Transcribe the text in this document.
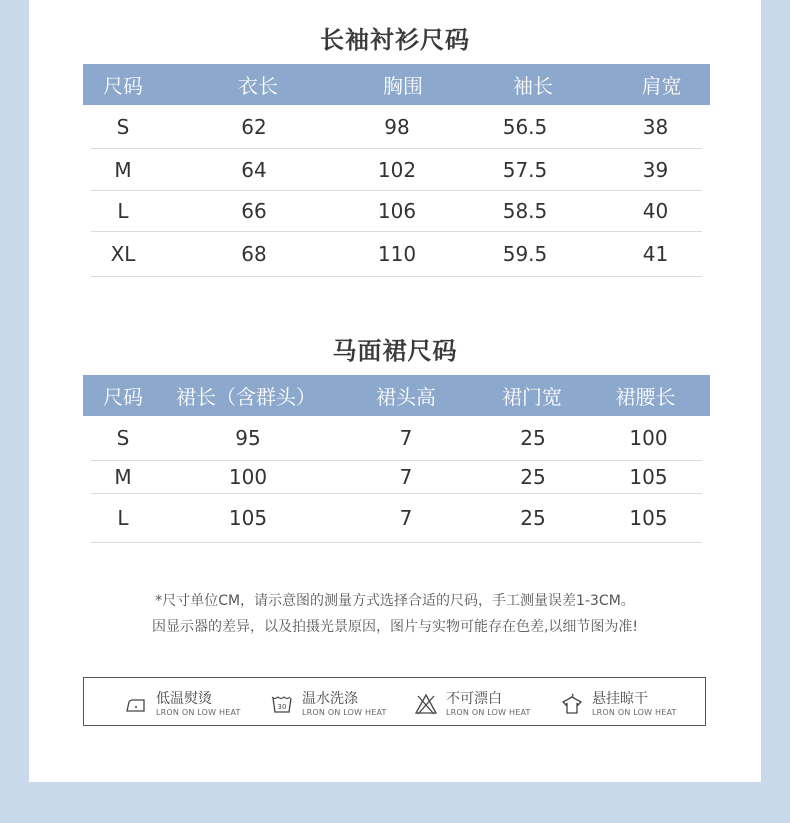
长袖衬衫尺码
尺码	衣长	胸围	袖长	肩宽
S	62	98	56.5	38
M	64	102	57.5	39
L	66	106	58.5	40
XL	68	110	59.5	41
马面裙尺码
尺码	裙长（含群头）	裙头高	裙门宽	裙腰长
S	95	7	25	100
M	100	7	25	105
L	105	7	25	105
*尺寸单位CM，请示意图的测量方式选择合适的尺码，手工测量误差1-3CM。
因显示器的差异，以及拍摄光景原因，图片与实物可能存在色差,以细节图为准!
低温熨烫
LRON ON LOW HEAT
30 温水洗涤
LRON ON LOW HEAT
不可漂白
LRON ON LOW HEAT
悬挂晾干
LRON ON LOW HEAT
